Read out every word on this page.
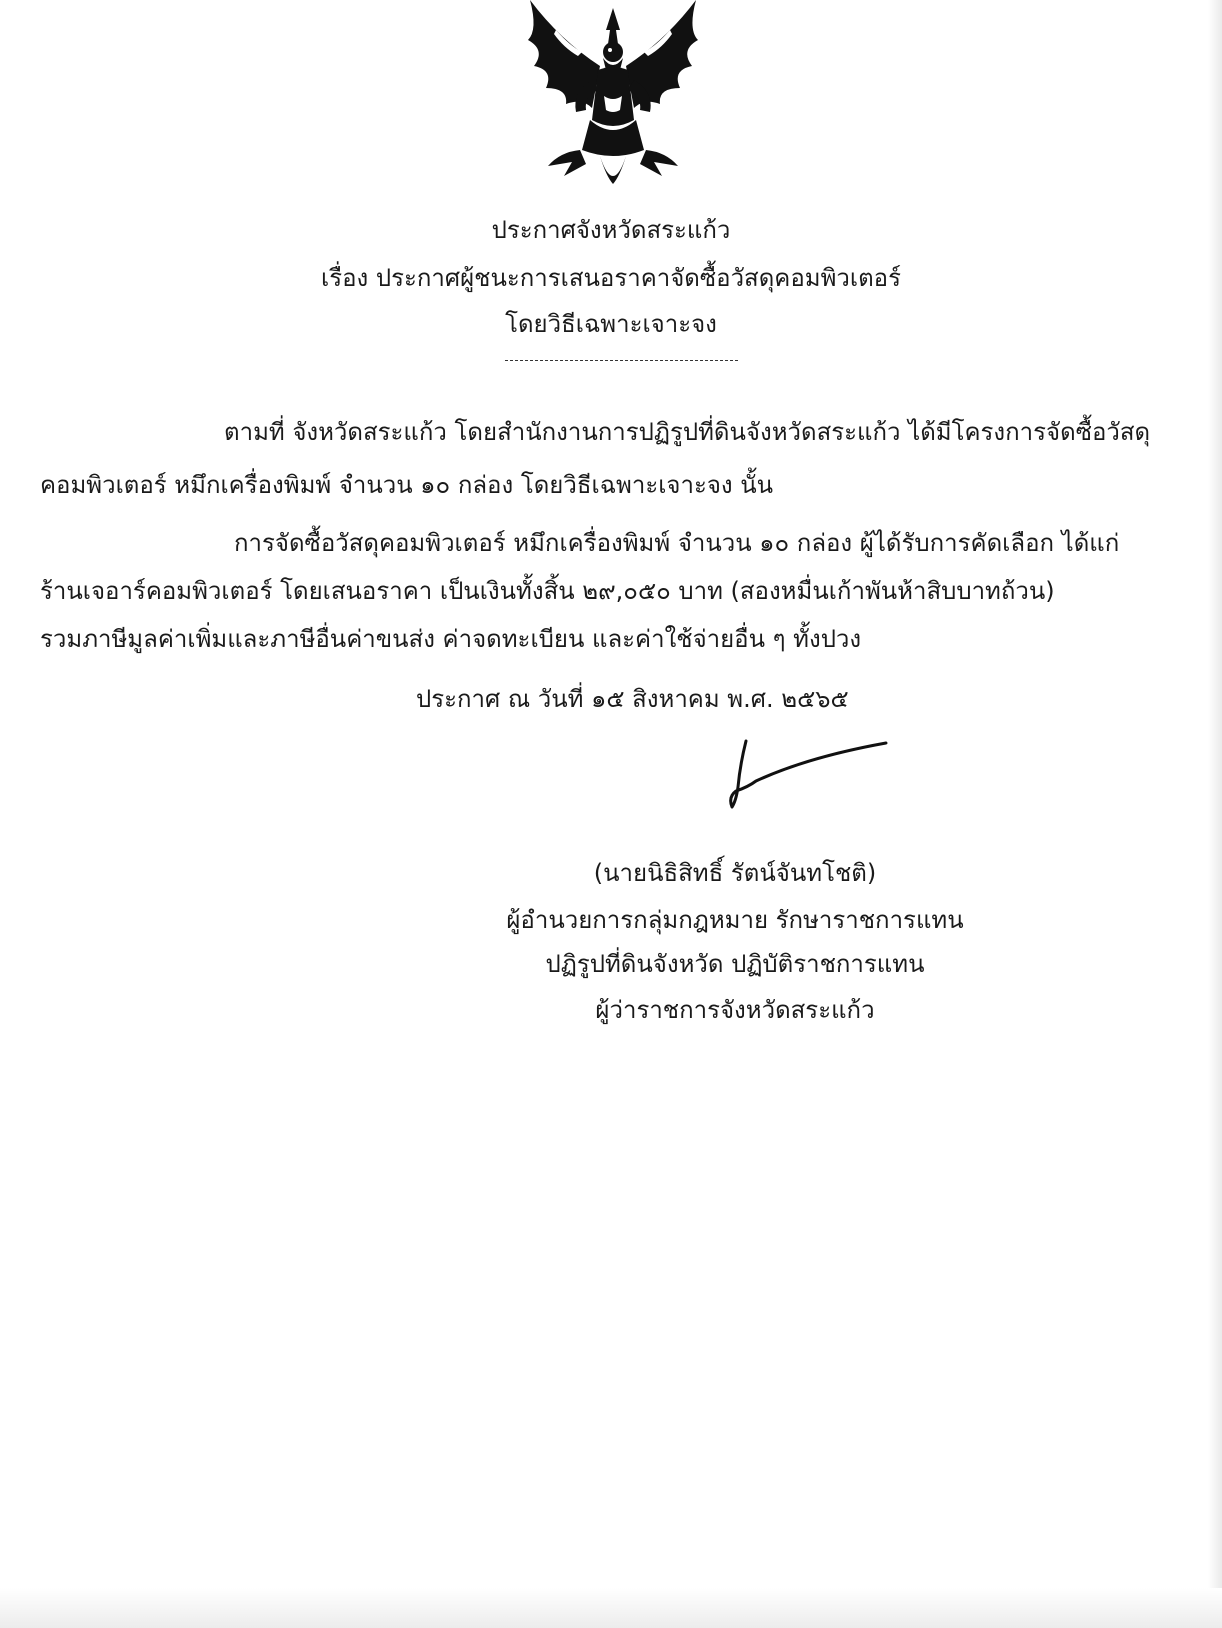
ประกาศจังหวัดสระแก้ว
เรื่อง ประกาศผู้ชนะการเสนอราคาจัดซื้อวัสดุคอมพิวเตอร์
โดยวิธีเฉพาะเจาะจง
ตามที่ จังหวัดสระแก้ว โดยสำนักงานการปฏิรูปที่ดินจังหวัดสระแก้ว ได้มีโครงการจัดซื้อวัสดุ
คอมพิวเตอร์ หมึกเครื่องพิมพ์ จำนวน ๑๐ กล่อง โดยวิธีเฉพาะเจาะจง นั้น
การจัดซื้อวัสดุคอมพิวเตอร์ หมึกเครื่องพิมพ์ จำนวน ๑๐ กล่อง ผู้ได้รับการคัดเลือก ได้แก่
ร้านเจอาร์คอมพิวเตอร์ โดยเสนอราคา เป็นเงินทั้งสิ้น ๒๙,๐๕๐ บาท (สองหมื่นเก้าพันห้าสิบบาทถ้วน)
รวมภาษีมูลค่าเพิ่มและภาษีอื่นค่าขนส่ง ค่าจดทะเบียน และค่าใช้จ่ายอื่น ๆ ทั้งปวง
ประกาศ ณ วันที่ ๑๕ สิงหาคม พ.ศ. ๒๕๖๕
(นายนิธิสิทธิ์ รัตน์จันทโชติ)
ผู้อำนวยการกลุ่มกฎหมาย รักษาราชการแทน
ปฏิรูปที่ดินจังหวัด ปฏิบัติราชการแทน
ผู้ว่าราชการจังหวัดสระแก้ว
